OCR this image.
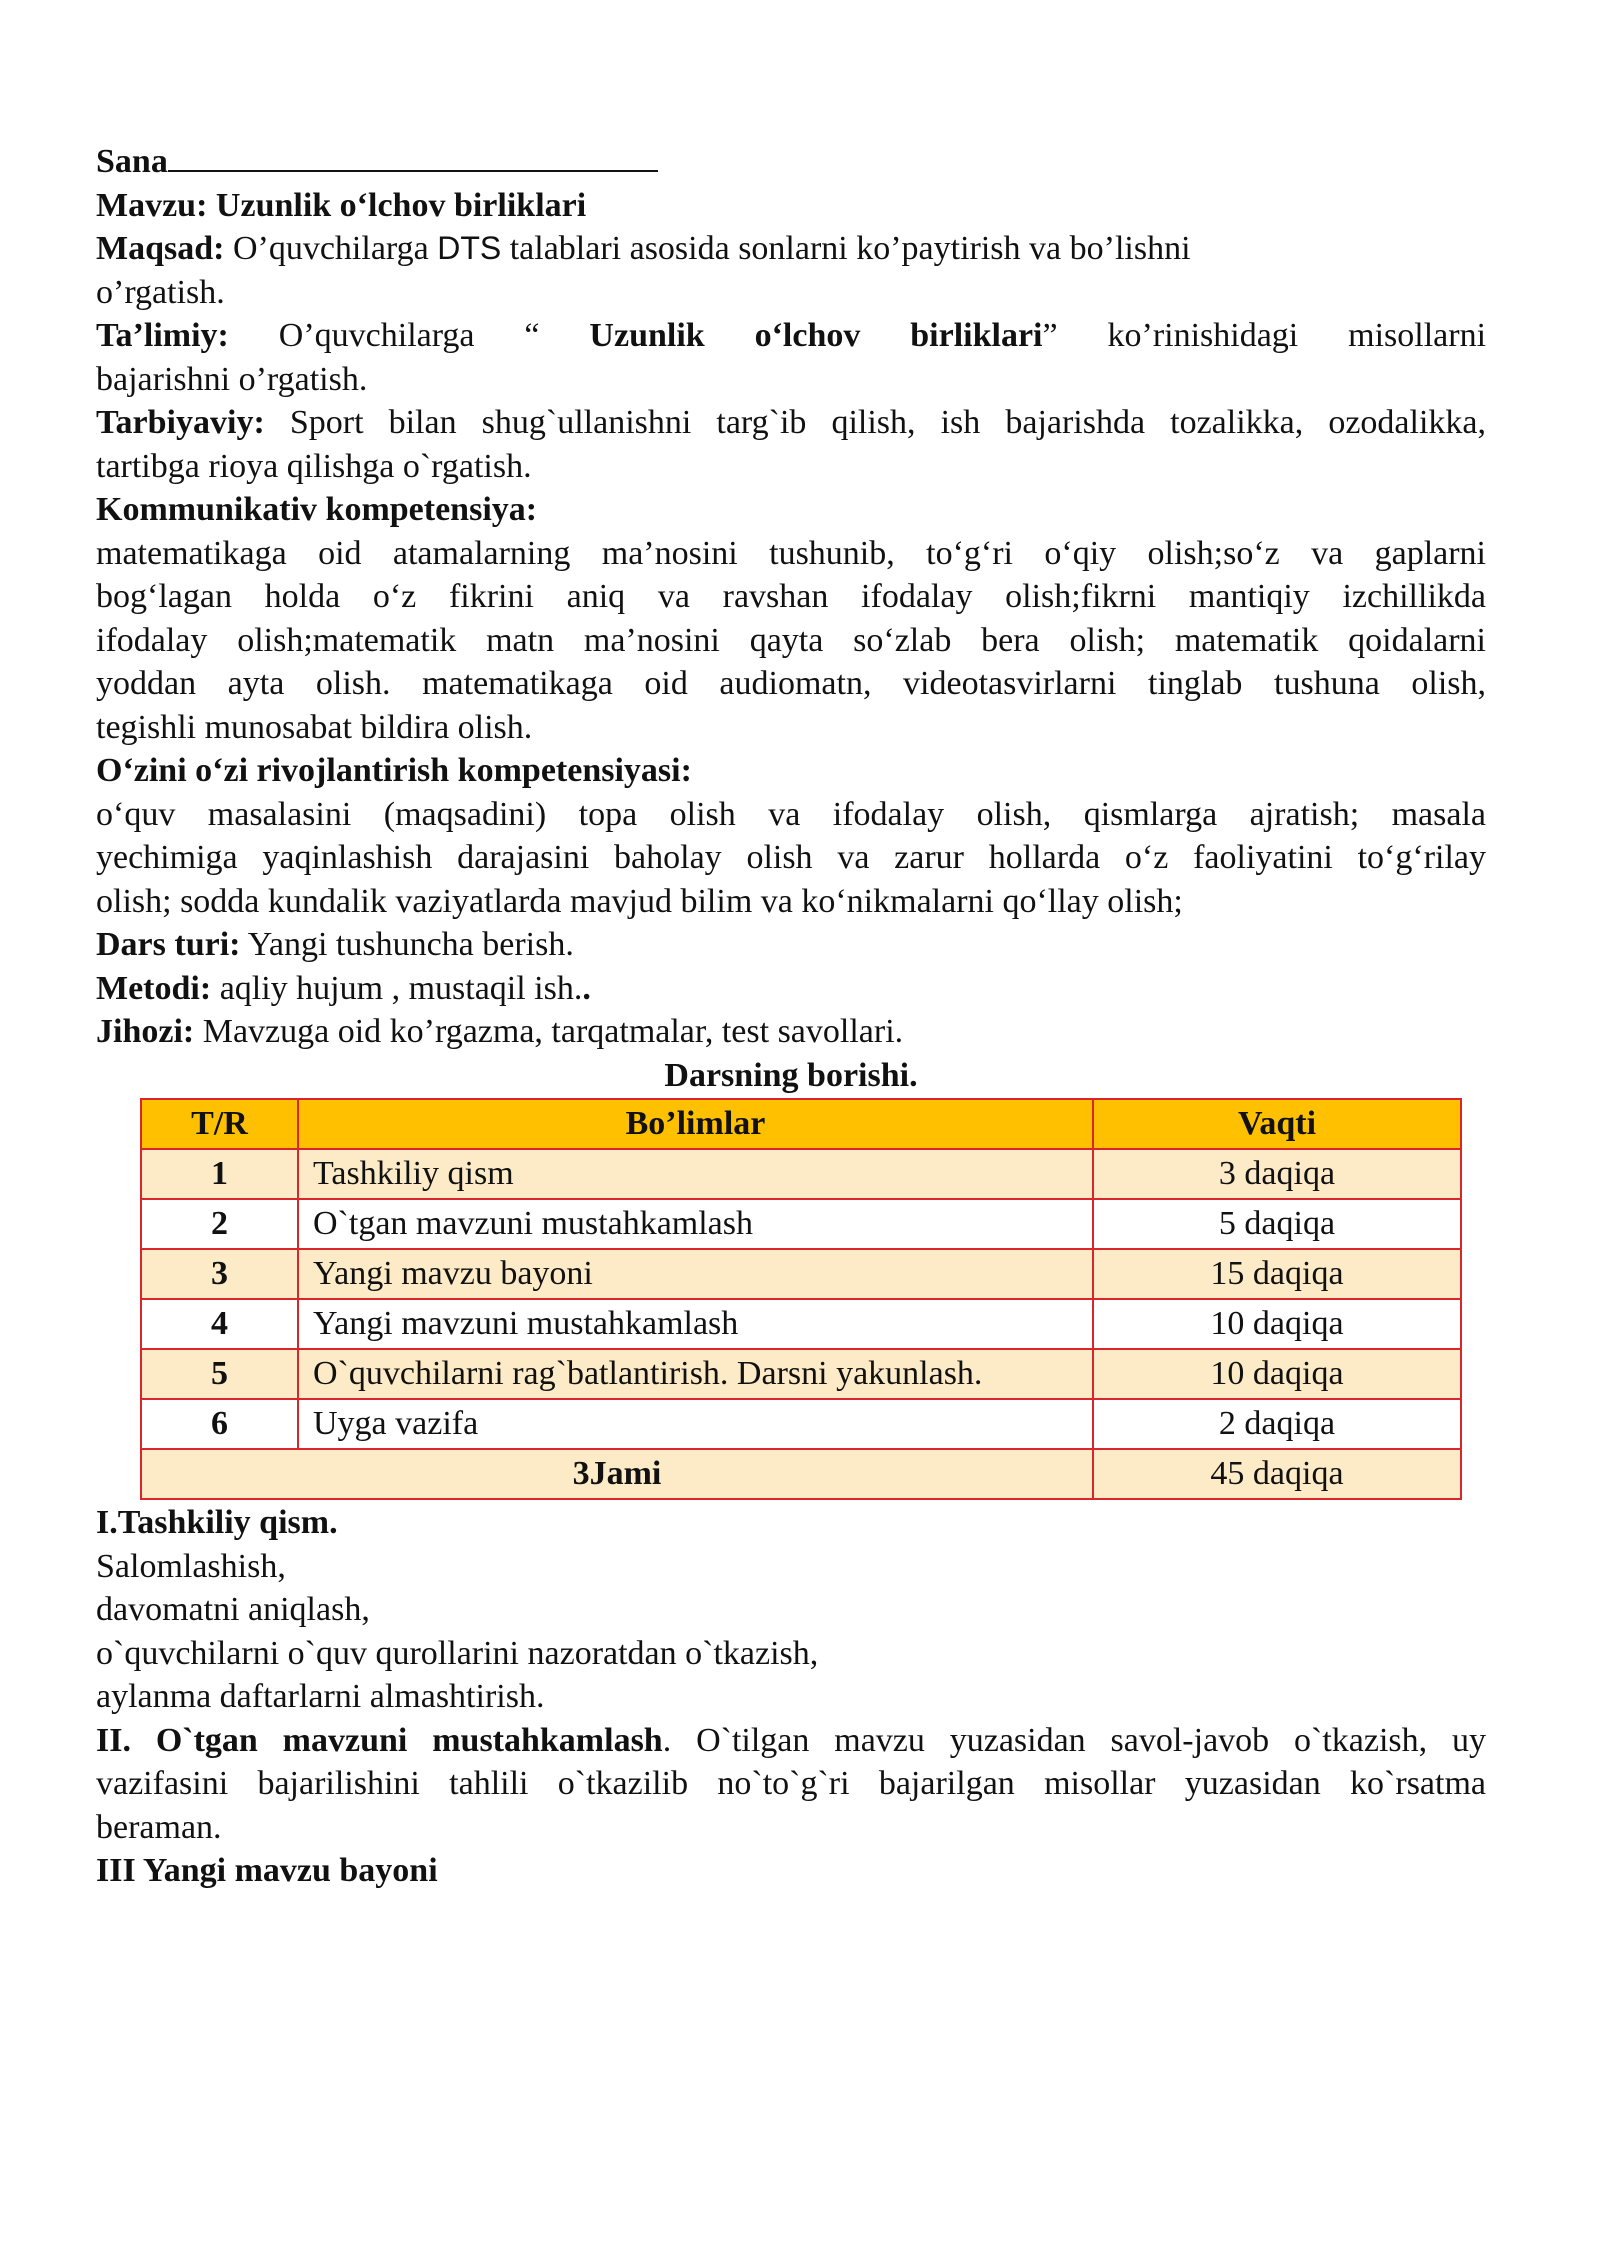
Sana

Mavzu: Uzunlik o‘lchov birliklari

Maqsad: O’quvchilarga DTS talablari asosida sonlarni ko’paytirish va bo’lishni

o’rgatish.

Ta’limiy: O’quvchilarga “ Uzunlik o‘lchov birliklari” ko’rinishidagi misollarni

bajarishni o’rgatish.

Tarbiyaviy: Sport bilan shug`ullanishni targ`ib qilish, ish bajarishda tozalikka, ozodalikka,

tartibga rioya qilishga o`rgatish.

Kommunikativ kompetensiya:

matematikaga oid atamalarning ma’nosini tushunib, to‘g‘ri o‘qiy olish;so‘z va gaplarni

bog‘lagan holda o‘z fikrini aniq va ravshan ifodalay olish;fikrni mantiqiy izchillikda

ifodalay olish;matematik matn ma’nosini qayta so‘zlab bera olish; matematik qoidalarni

yoddan ayta olish. matematikaga oid audiomatn, videotasvirlarni tinglab tushuna olish,

tegishli munosabat bildira olish.

O‘zini o‘zi rivojlantirish kompetensiyasi:

o‘quv masalasini (maqsadini) topa olish va ifodalay olish, qismlarga ajratish; masala

yechimiga yaqinlashish darajasini baholay olish va zarur hollarda o‘z faoliyatini to‘g‘rilay

olish; sodda kundalik vaziyatlarda mavjud bilim va ko‘nikmalarni qo‘llay olish;

Dars turi: Yangi tushuncha berish.

Metodi: aqliy hujum , mustaqil ish..

Jihozi: Mavzuga oid ko’rgazma, tarqatmalar, test savollari.

Darsning borishi.

T/R	Bo’limlar	Vaqti
1	Tashkiliy qism	3 daqiqa
2	O`tgan mavzuni mustahkamlash	5 daqiqa
3	Yangi mavzu bayoni	15 daqiqa
4	Yangi mavzuni mustahkamlash	10 daqiqa
5	O`quvchilarni rag`batlantirish. Darsni yakunlash.	10 daqiqa
6	Uyga vazifa	2 daqiqa
3Jami		45 daqiqa

I.Tashkiliy qism.

Salomlashish,

davomatni aniqlash,

o`quvchilarni o`quv qurollarini nazoratdan o`tkazish,

aylanma daftarlarni almashtirish.

II. O`tgan mavzuni mustahkamlash. O`tilgan mavzu yuzasidan savol-javob o`tkazish, uy

vazifasini bajarilishini tahlili o`tkazilib no`to`g`ri bajarilgan misollar yuzasidan ko`rsatma

beraman.

III Yangi mavzu bayoni
